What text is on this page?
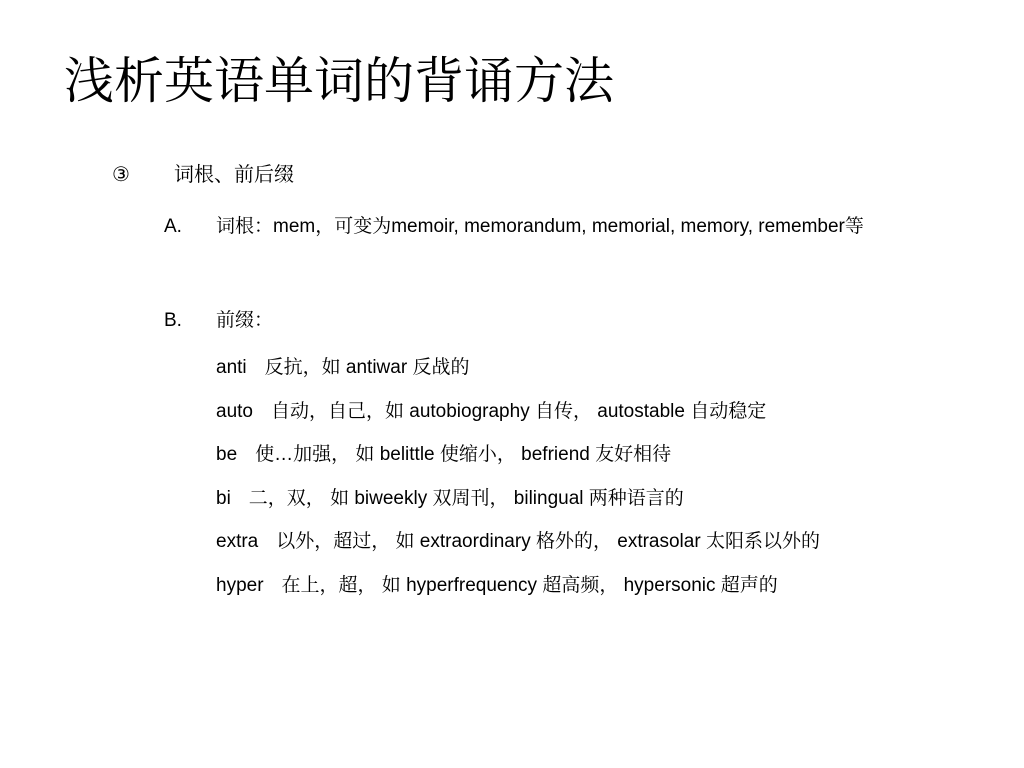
浅析英语单词的背诵方法
③ 词根、前后缀
A. 词根：mem，可变为memoir, memorandum, memorial, memory, remember等
B. 前缀：
anti 反抗，如 antiwar 反战的
auto 自动，自己，如 autobiography 自传， autostable 自动稳定
be 使…加强， 如 belittle 使缩小， befriend 友好相待
bi 二，双， 如 biweekly 双周刊， bilingual 两种语言的
extra 以外，超过， 如 extraordinary 格外的， extrasolar 太阳系以外的
hyper 在上，超， 如 hyperfrequency 超高频， hypersonic 超声的
